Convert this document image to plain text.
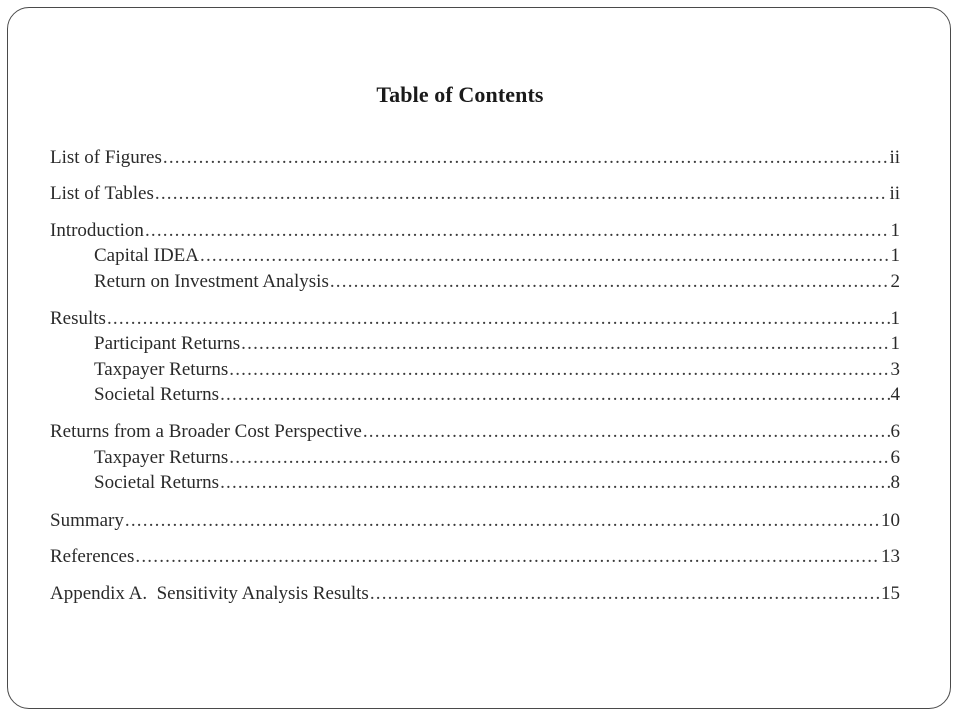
Table of Contents
List of Figures .....	ii
List of Tables .....	ii
Introduction .....	1
Capital IDEA .....	1
Return on Investment Analysis .....	2
Results .....	1
Participant Returns .....	1
Taxpayer Returns .....	3
Societal Returns .....	4
Returns from a Broader Cost Perspective .....	6
Taxpayer Returns .....	6
Societal Returns .....	8
Summary .....	10
References .....	13
Appendix A.  Sensitivity Analysis Results .....	15
